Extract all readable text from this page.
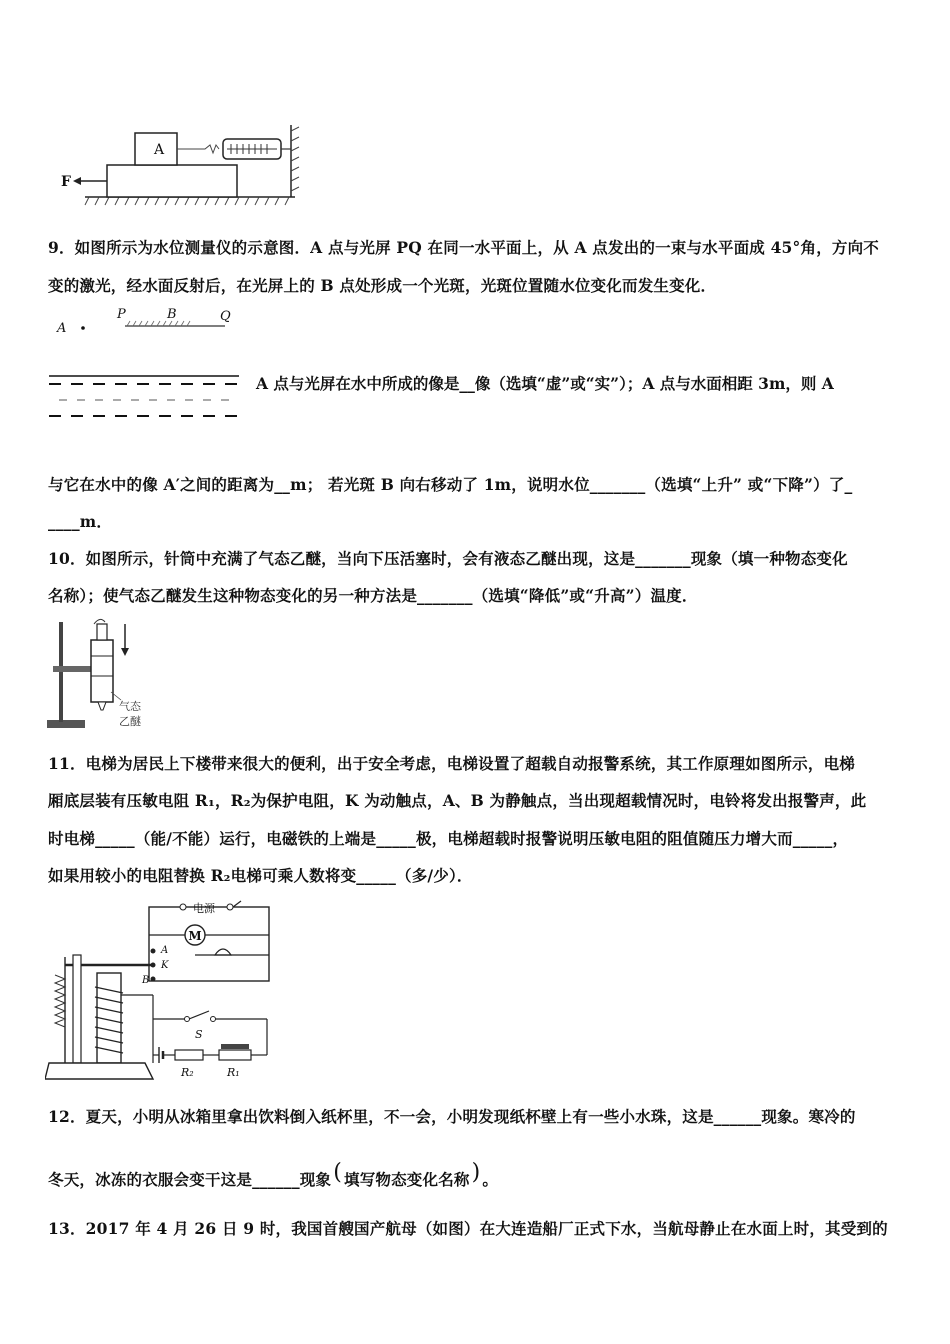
A
F
9．如图所示为水位测量仪的示意图．A 点与光屏 PQ 在同一水平面上，从 A 点发出的一束与水平面成 45°角，方向不
变的激光，经水面反射后，在光屏上的 B 点处形成一个光斑，光斑位置随水位变化而发生变化．
A
P	B	Q
A 点与光屏在水中所成的像是__像（选填“虚”或“实”）；A 点与水面相距 3m，则 A
与它在水中的像 A′之间的距离为__m； 若光斑 B 向右移动了 1m，说明水位_______（选填“上升” 或“下降”）了_
____m．
10．如图所示，针筒中充满了气态乙醚，当向下压活塞时，会有液态乙醚出现，这是_______现象（填一种物态变化
名称）；使气态乙醚发生这种物态变化的另一种方法是_______（选填“降低”或“升高”）温度．
气态
乙醚
11．电梯为居民上下楼带来很大的便利，出于安全考虑，电梯设置了超载自动报警系统，其工作原理如图所示，电梯
厢底层装有压敏电阻 R₁，R₂为保护电阻，K 为动触点，A、B 为静触点，当出现超载情况时，电铃将发出报警声，此
时电梯_____（能/不能）运行，电磁铁的上端是_____极，电梯超载时报警说明压敏电阻的阻值随压力增大而_____，
如果用较小的电阻替换 R₂电梯可乘人数将变_____（多/少）．
电源
M
A
K
B
S
R₂	R₁
12．夏天，小明从冰箱里拿出饮料倒入纸杯里，不一会，小明发现纸杯壁上有一些小水珠，这是______现象。寒冷的
冬天，冰冻的衣服会变干这是______现象( 填写物态变化名称) 。
13．2017 年 4 月 26 日 9 时，我国首艘国产航母（如图）在大连造船厂正式下水，当航母静止在水面上时，其受到的
